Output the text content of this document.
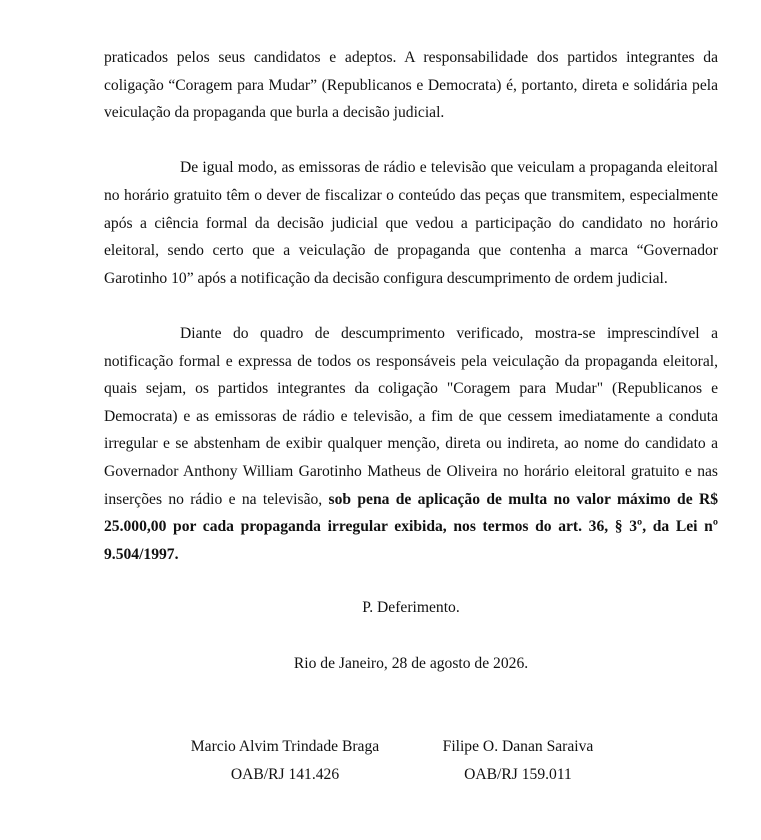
praticados pelos seus candidatos e adeptos. A responsabilidade dos partidos integrantes da coligação “Coragem para Mudar” (Republicanos e Democrata) é, portanto, direta e solidária pela veiculação da propaganda que burla a decisão judicial.

De igual modo, as emissoras de rádio e televisão que veiculam a propaganda eleitoral no horário gratuito têm o dever de fiscalizar o conteúdo das peças que transmitem, especialmente após a ciência formal da decisão judicial que vedou a participação do candidato no horário eleitoral, sendo certo que a veiculação de propaganda que contenha a marca “Governador Garotinho 10” após a notificação da decisão configura descumprimento de ordem judicial.

Diante do quadro de descumprimento verificado, mostra-se imprescindível a notificação formal e expressa de todos os responsáveis pela veiculação da propaganda eleitoral, quais sejam, os partidos integrantes da coligação "Coragem para Mudar" (Republicanos e Democrata) e as emissoras de rádio e televisão, a fim de que cessem imediatamente a conduta irregular e se abstenham de exibir qualquer menção, direta ou indireta, ao nome do candidato a Governador Anthony William Garotinho Matheus de Oliveira no horário eleitoral gratuito e nas inserções no rádio e na televisão, sob pena de aplicação de multa no valor máximo de R$ 25.000,00 por cada propaganda irregular exibida, nos termos do art. 36, § 3º, da Lei nº 9.504/1997.

P. Deferimento.

Rio de Janeiro, 28 de agosto de 2026.

Marcio Alvim Trindade Braga

OAB/RJ 141.426

Filipe O. Danan Saraiva

OAB/RJ 159.011
